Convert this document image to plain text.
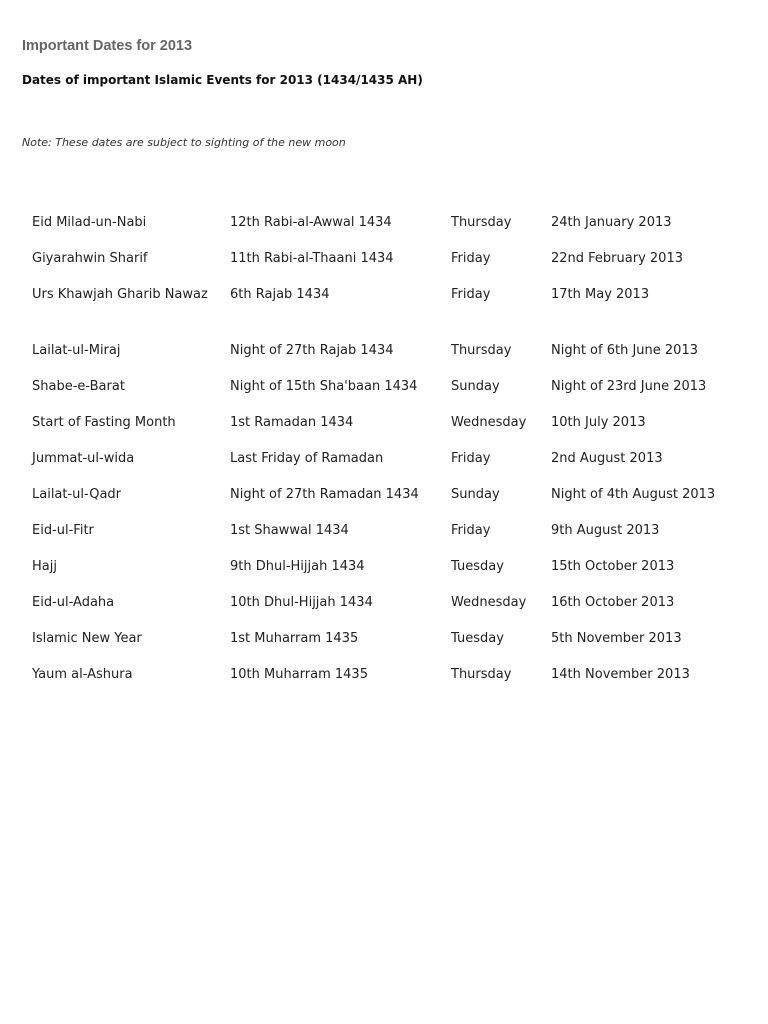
Important Dates for 2013
Dates of important Islamic Events for 2013 (1434/1435 AH)
Note: These dates are subject to sighting of the new moon
Eid Milad-un-Nabi	12th Rabi-al-Awwal 1434	Thursday	24th January 2013
Giyarahwin Sharif	11th Rabi-al-Thaani 1434	Friday	22nd February 2013
Urs Khawjah Gharib Nawaz	6th Rajab 1434	Friday	17th May 2013
Lailat-ul-Miraj	Night of 27th Rajab 1434	Thursday	Night of 6th June 2013
Shabe-e-Barat	Night of 15th Sha'baan 1434	Sunday	Night of 23rd June 2013
Start of Fasting Month	1st Ramadan 1434	Wednesday	10th July 2013
Jummat-ul-wida	Last Friday of Ramadan	Friday	2nd August 2013
Lailat-ul-Qadr	Night of 27th Ramadan 1434	Sunday	Night of 4th August 2013
Eid-ul-Fitr	1st Shawwal 1434	Friday	9th August 2013
Hajj	9th Dhul-Hijjah 1434	Tuesday	15th October 2013
Eid-ul-Adaha	10th Dhul-Hijjah 1434	Wednesday	16th October 2013
Islamic New Year	1st Muharram 1435	Tuesday	5th November 2013
Yaum al-Ashura	10th Muharram 1435	Thursday	14th November 2013
